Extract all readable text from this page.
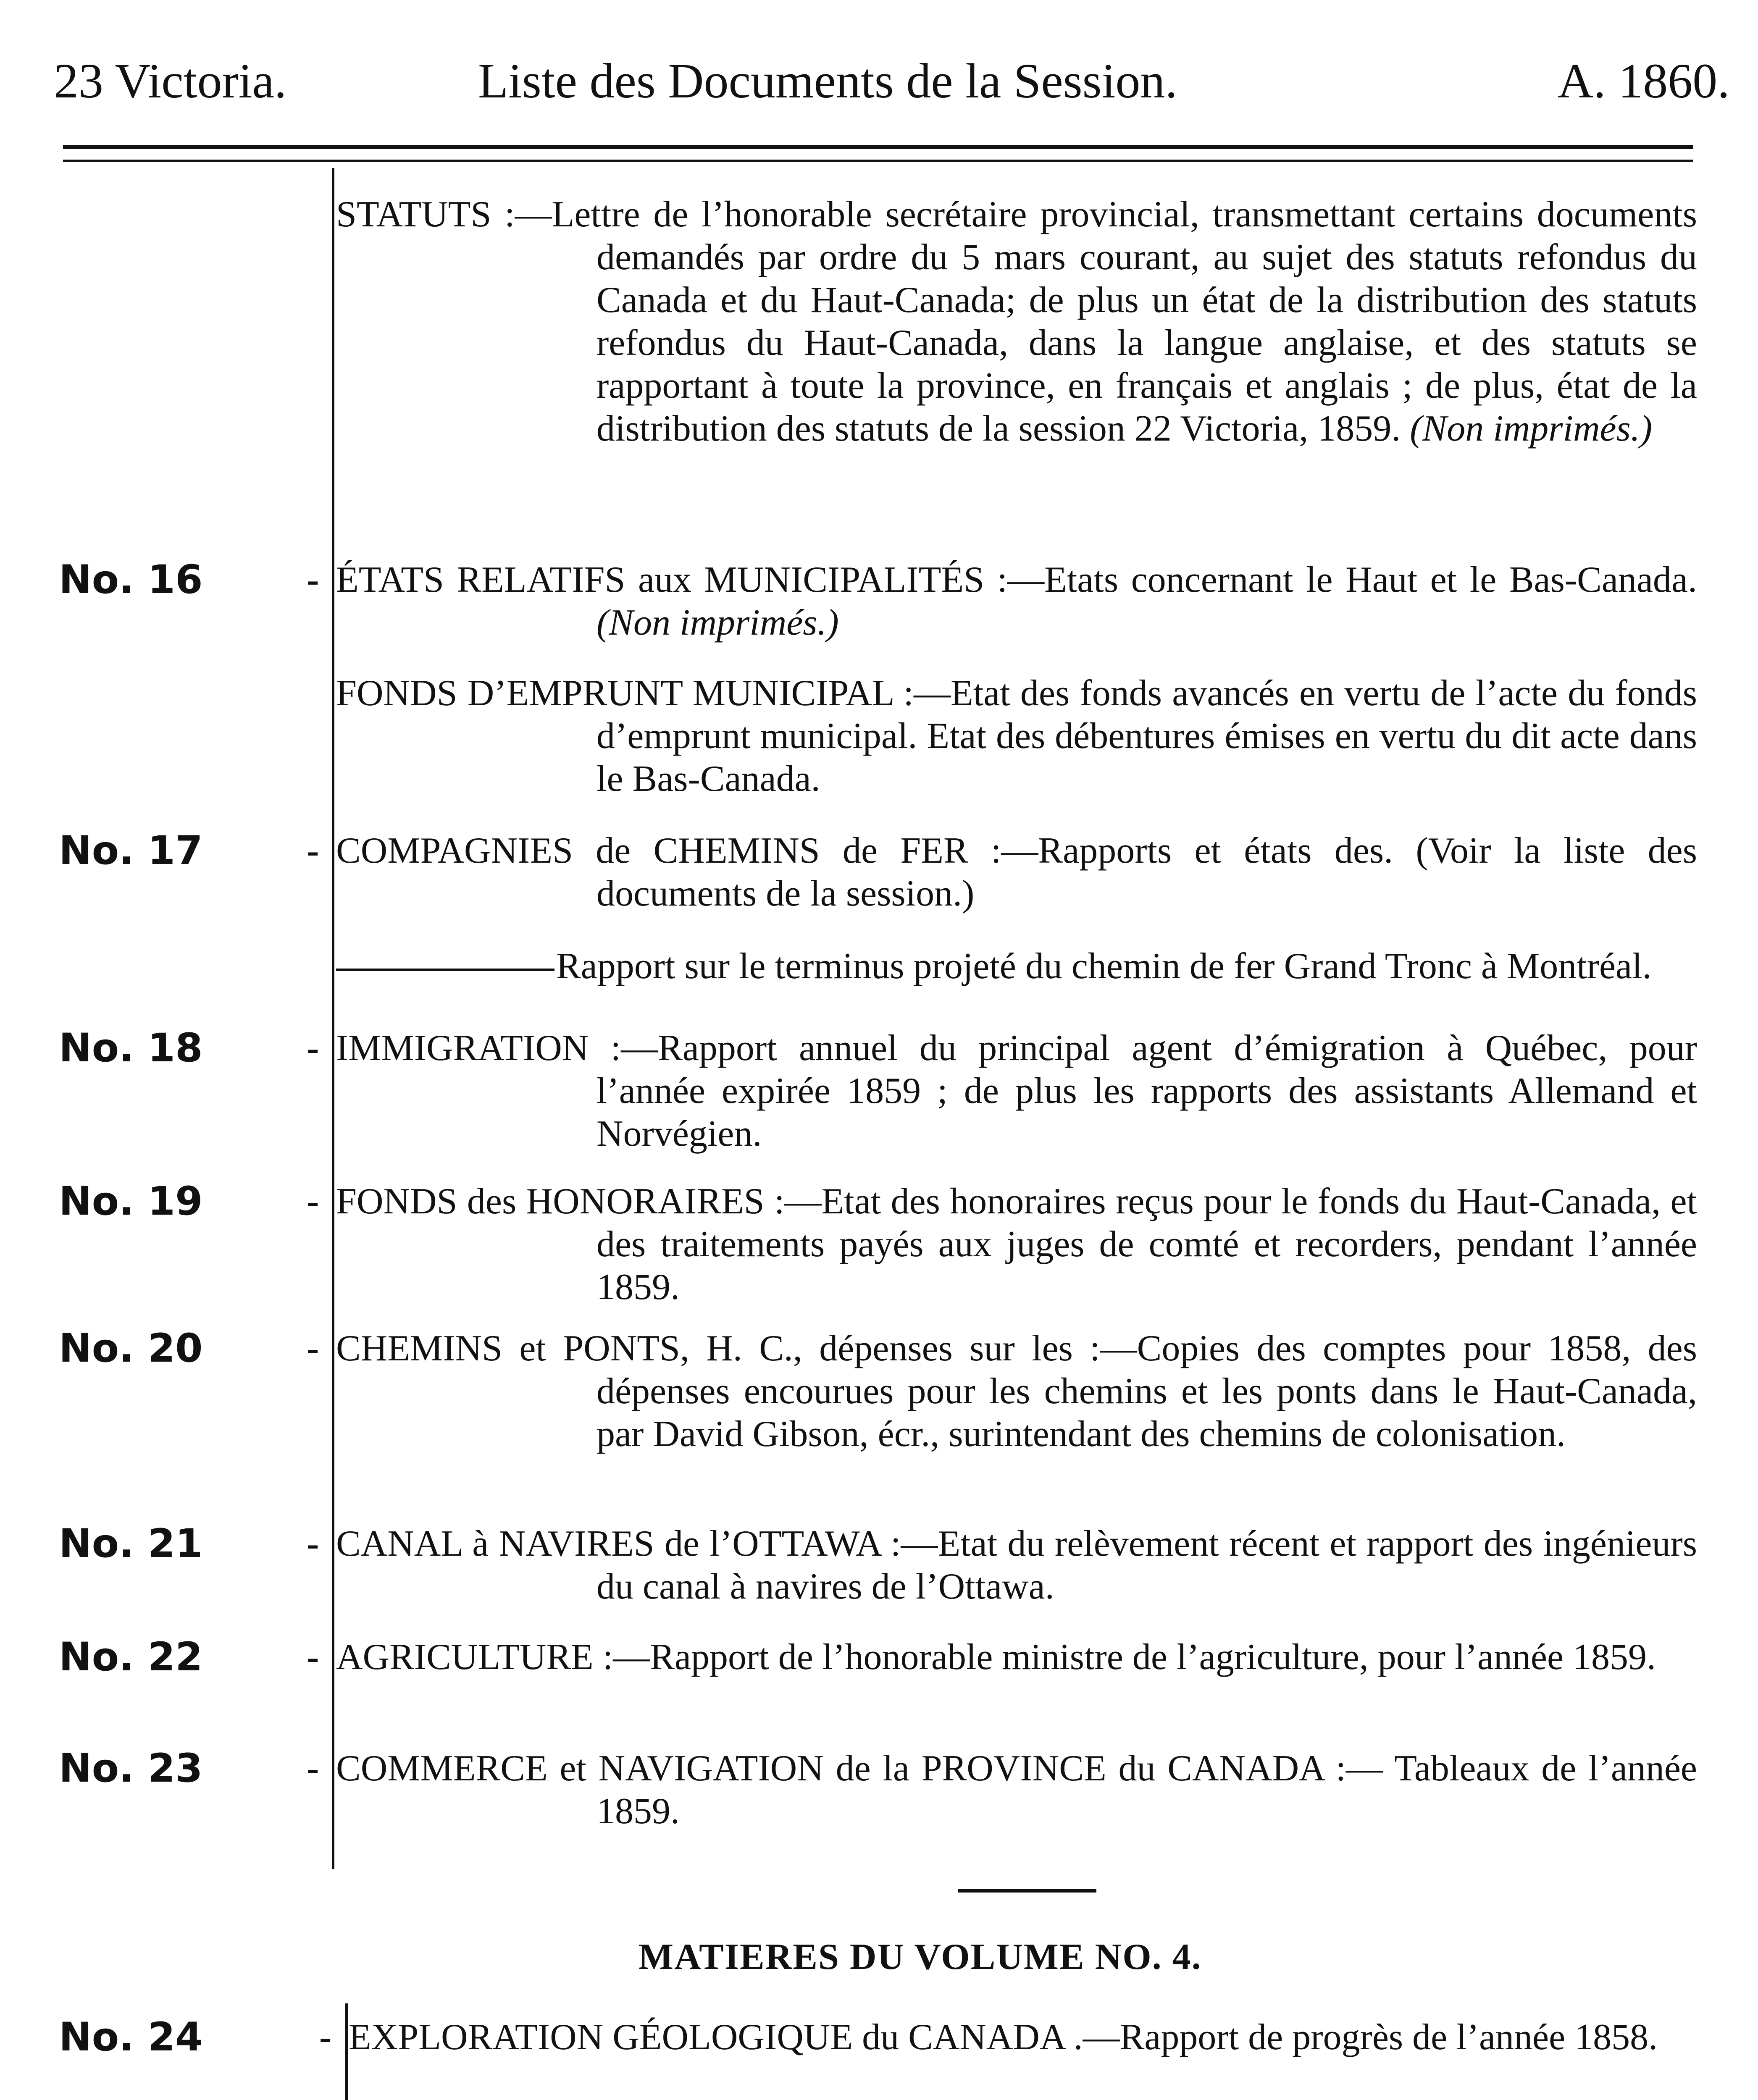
23 Victoria.	Liste des Documents de la Session.	A. 1860.

STATUTS :—Lettre de l’honorable secrétaire provincial, transmettant certains documents demandés par ordre du 5 mars courant, au sujet des statuts refondus du Canada et du Haut-Canada; de plus un état de la distribution des statuts refondus du Haut-Canada, dans la langue anglaise, et des statuts se rapportant à toute la province, en français et anglais ; de plus, état de la distribution des statuts de la session 22 Victoria, 1859. (Non imprimés.)

No. 16	- ÉTATS RELATIFS aux MUNICIPALITÉS :—Etats concernant le Haut et le Bas-Canada. (Non imprimés.)

FONDS D’EMPRUNT MUNICIPAL :—Etat des fonds avancés en vertu de l’acte du fonds d’emprunt municipal. Etat des débentures émises en vertu du dit acte dans le Bas-Canada.

No. 17	- COMPAGNIES de CHEMINS de FER :—Rapports et états des. (Voir la liste des documents de la session.)

Rapport sur le terminus projeté du chemin de fer Grand Tronc à Montréal.

No. 18	- IMMIGRATION :—Rapport annuel du principal agent d’émigration à Québec, pour l’année expirée 1859 ; de plus les rapports des assistants Allemand et Norvégien.

No. 19	- FONDS des HONORAIRES :—Etat des honoraires reçus pour le fonds du Haut-Canada, et des traitements payés aux juges de comté et recorders, pendant l’année 1859.

No. 20	- CHEMINS et PONTS, H. C., dépenses sur les :—Copies des comptes pour 1858, des dépenses encourues pour les chemins et les ponts dans le Haut-Canada, par David Gibson, écr., surintendant des chemins de colonisation.

No. 21	- CANAL à NAVIRES de l’OTTAWA :—Etat du relèvement récent et rapport des ingénieurs du canal à navires de l’Ottawa.

No. 22	- AGRICULTURE :—Rapport de l’honorable ministre de l’agriculture, pour l’année 1859.

No. 23	- COMMERCE et NAVIGATION de la PROVINCE du CANADA :— Tableaux de l’année 1859.

MATIERES DU VOLUME NO. 4.
No. 24	- EXPLORATION GÉOLOGIQUE du CANADA .—Rapport de progrès de l’année 1858.
